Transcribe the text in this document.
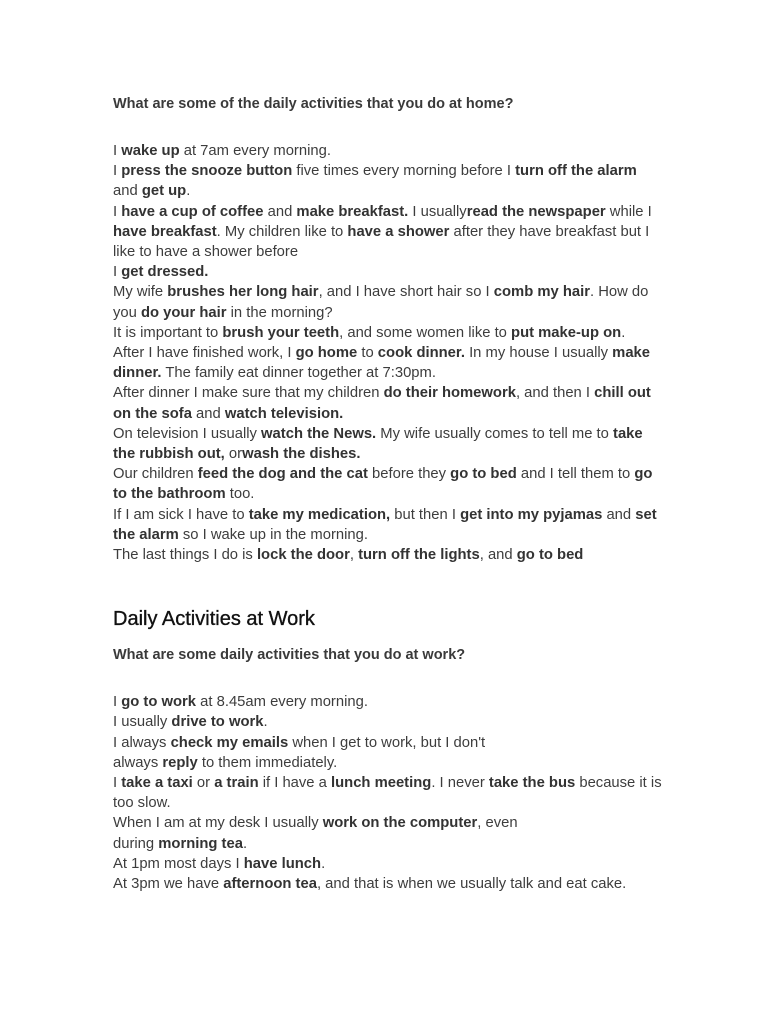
What are some of the daily activities that you do at home?

I wake up at 7am every morning.

I press the snooze button five times every morning before I turn off the alarm and get up.

I have a cup of coffee and make breakfast. I usuallyread the newspaper while I have breakfast. My children like to have a shower after they have breakfast but I like to have a shower before
I get dressed.

My wife brushes her long hair, and I have short hair so I comb my hair. How do you do your hair in the morning?

It is important to brush your teeth, and some women like to put make-up on.

After I have finished work, I go home to cook dinner. In my house I usually make dinner. The family eat dinner together at 7:30pm.

After dinner I make sure that my children do their homework, and then I chill out on the sofa and watch television.

On television I usually watch the News. My wife usually comes to tell me to take the rubbish out, orwash the dishes.

Our children feed the dog and the cat before they go to bed and I tell them to go to the bathroom too.

If I am sick I have to take my medication, but then I get into my pyjamas and set the alarm so I wake up in the morning.

The last things I do is lock the door, turn off the lights, and go to bed

Daily Activities at Work

What are some daily activities that you do at work?

I go to work at 8.45am every morning.

I usually drive to work.

I always check my emails when I get to work, but I don't
always reply to them immediately.

I take a taxi or a train if I have a lunch meeting. I never take the bus because it is too slow.

When I am at my desk I usually work on the computer, even
during morning tea.

At 1pm most days I have lunch.

At 3pm we have afternoon tea, and that is when we usually talk and eat cake.
